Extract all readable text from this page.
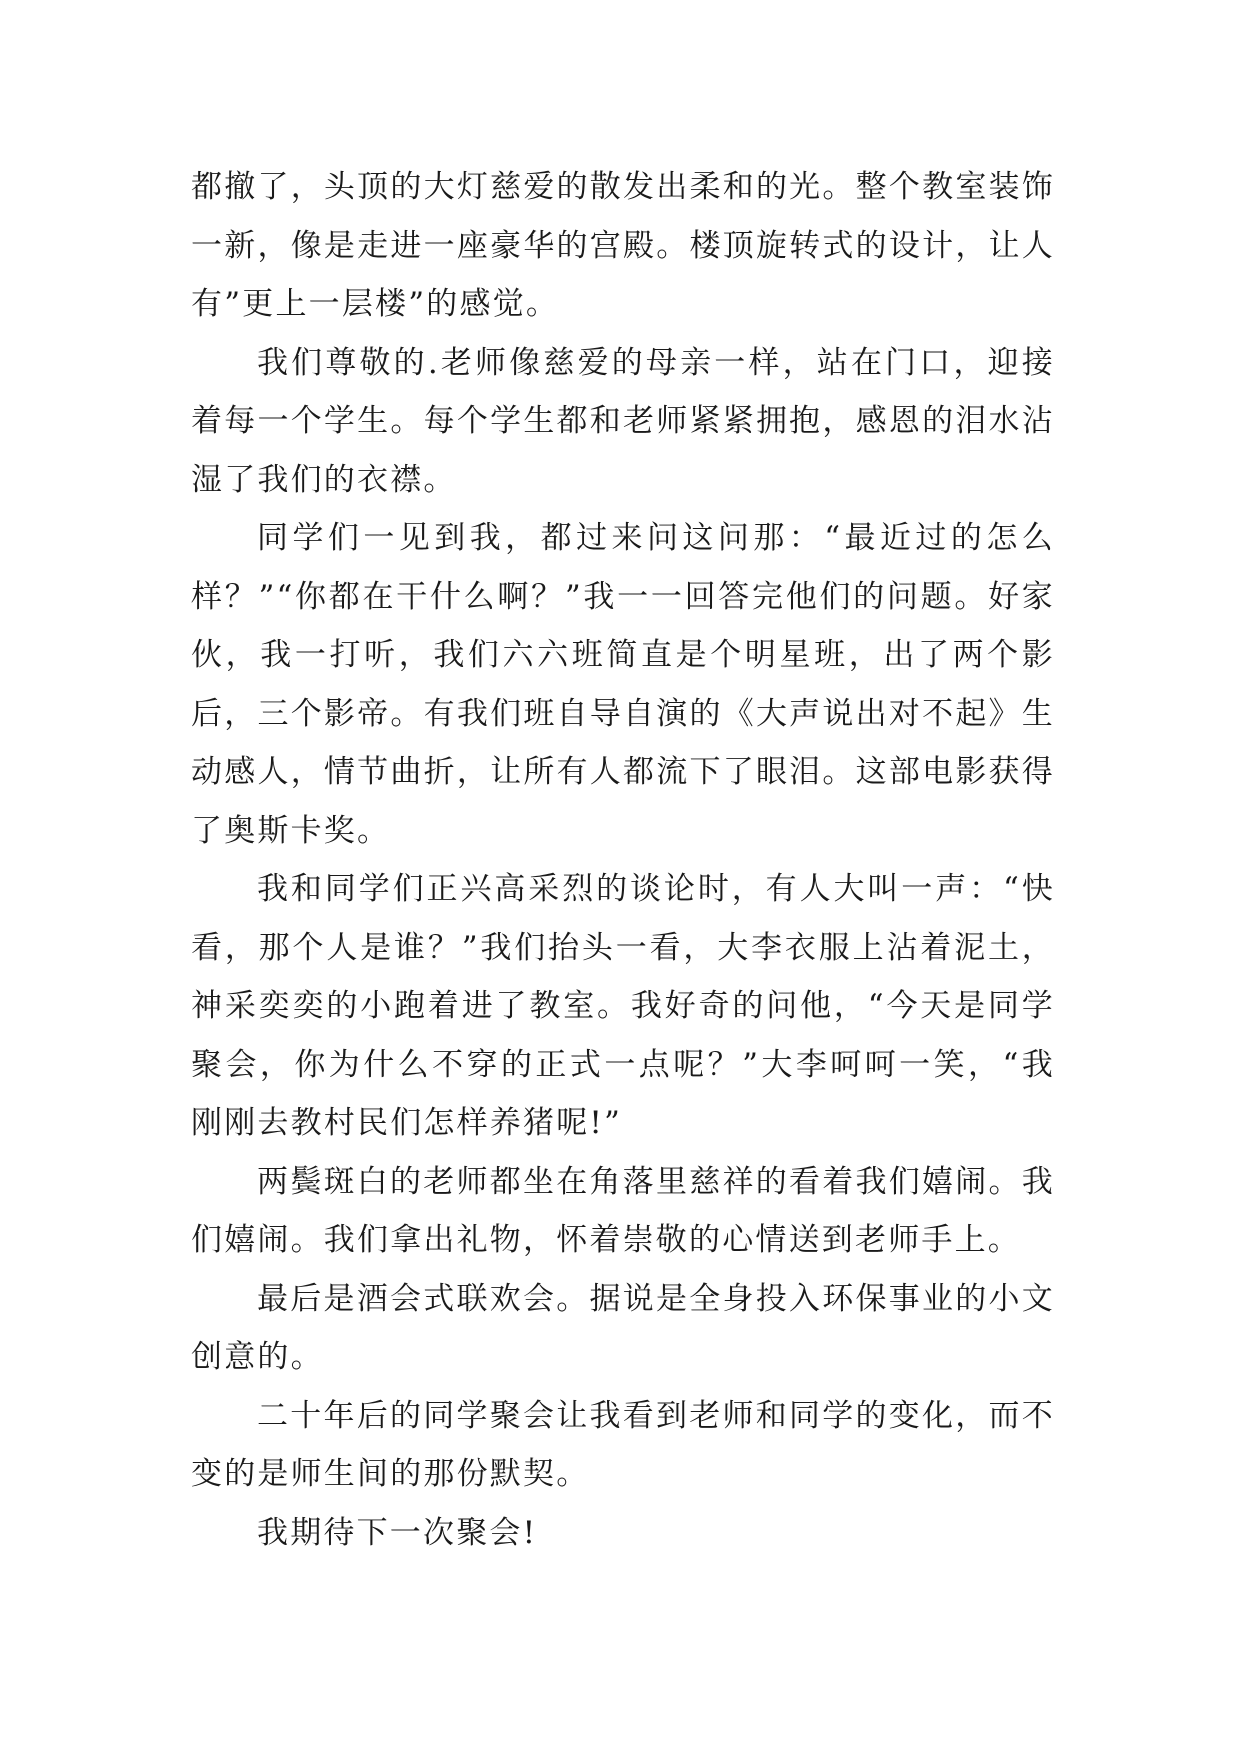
都撤了，头顶的大灯慈爱的散发出柔和的光。整个教室装饰一新，像是走进一座豪华的宫殿。楼顶旋转式的设计，让人有”更上一层楼”的感觉。

我们尊敬的.老师像慈爱的母亲一样，站在门口，迎接着每一个学生。每个学生都和老师紧紧拥抱，感恩的泪水沾湿了我们的衣襟。

同学们一见到我，都过来问这问那：“最近过的怎么样？”“你都在干什么啊？”我一一回答完他们的问题。好家伙，我一打听，我们六六班简直是个明星班，出了两个影后，三个影帝。有我们班自导自演的《大声说出对不起》生动感人，情节曲折，让所有人都流下了眼泪。这部电影获得了奥斯卡奖。

我和同学们正兴高采烈的谈论时，有人大叫一声：“快看，那个人是谁？”我们抬头一看，大李衣服上沾着泥土，神采奕奕的小跑着进了教室。我好奇的问他，“今天是同学聚会，你为什么不穿的正式一点呢？”大李呵呵一笑，“我刚刚去教村民们怎样养猪呢!”

两鬓斑白的老师都坐在角落里慈祥的看着我们嬉闹。我们嬉闹。我们拿出礼物，怀着崇敬的心情送到老师手上。

最后是酒会式联欢会。据说是全身投入环保事业的小文创意的。

二十年后的同学聚会让我看到老师和同学的变化，而不变的是师生间的那份默契。

我期待下一次聚会!
